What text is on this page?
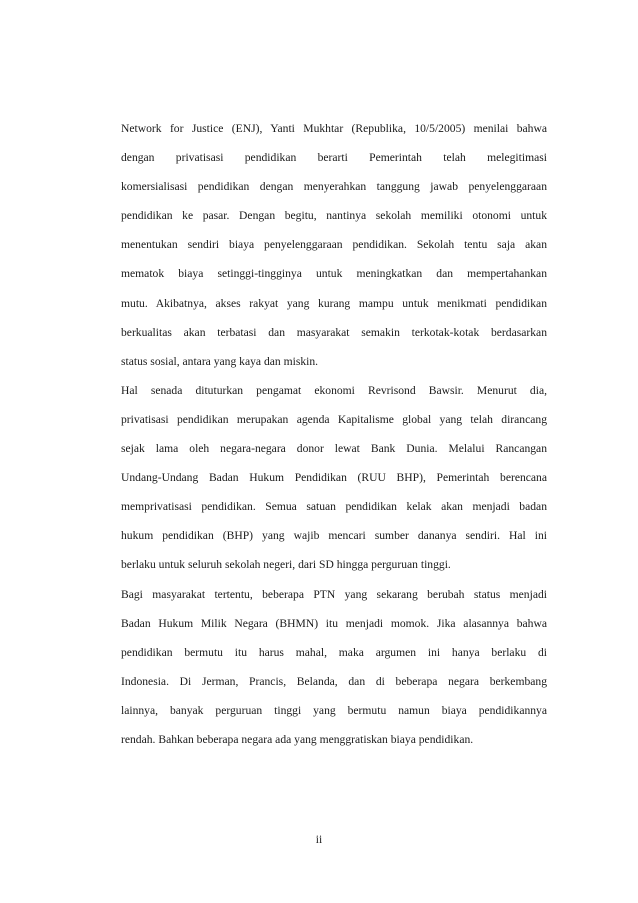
Network for Justice (ENJ), Yanti Mukhtar (Republika, 10/5/2005) menilai bahwa
dengan privatisasi pendidikan berarti Pemerintah telah melegitimasi
komersialisasi pendidikan dengan menyerahkan tanggung jawab penyelenggaraan
pendidikan ke pasar. Dengan begitu, nantinya sekolah memiliki otonomi untuk
menentukan sendiri biaya penyelenggaraan pendidikan. Sekolah tentu saja akan
mematok biaya setinggi-tingginya untuk meningkatkan dan mempertahankan
mutu. Akibatnya, akses rakyat yang kurang mampu untuk menikmati pendidikan
berkualitas akan terbatasi dan masyarakat semakin terkotak-kotak berdasarkan
status sosial, antara yang kaya dan miskin.
Hal senada dituturkan pengamat ekonomi Revrisond Bawsir. Menurut dia,
privatisasi pendidikan merupakan agenda Kapitalisme global yang telah dirancang
sejak lama oleh negara-negara donor lewat Bank Dunia. Melalui Rancangan
Undang-Undang Badan Hukum Pendidikan (RUU BHP), Pemerintah berencana
memprivatisasi pendidikan. Semua satuan pendidikan kelak akan menjadi badan
hukum pendidikan (BHP) yang wajib mencari sumber dananya sendiri. Hal ini
berlaku untuk seluruh sekolah negeri, dari SD hingga perguruan tinggi.
Bagi masyarakat tertentu, beberapa PTN yang sekarang berubah status menjadi
Badan Hukum Milik Negara (BHMN) itu menjadi momok. Jika alasannya bahwa
pendidikan bermutu itu harus mahal, maka argumen ini hanya berlaku di
Indonesia. Di Jerman, Prancis, Belanda, dan di beberapa negara berkembang
lainnya, banyak perguruan tinggi yang bermutu namun biaya pendidikannya
rendah. Bahkan beberapa negara ada yang menggratiskan biaya pendidikan.
ii
